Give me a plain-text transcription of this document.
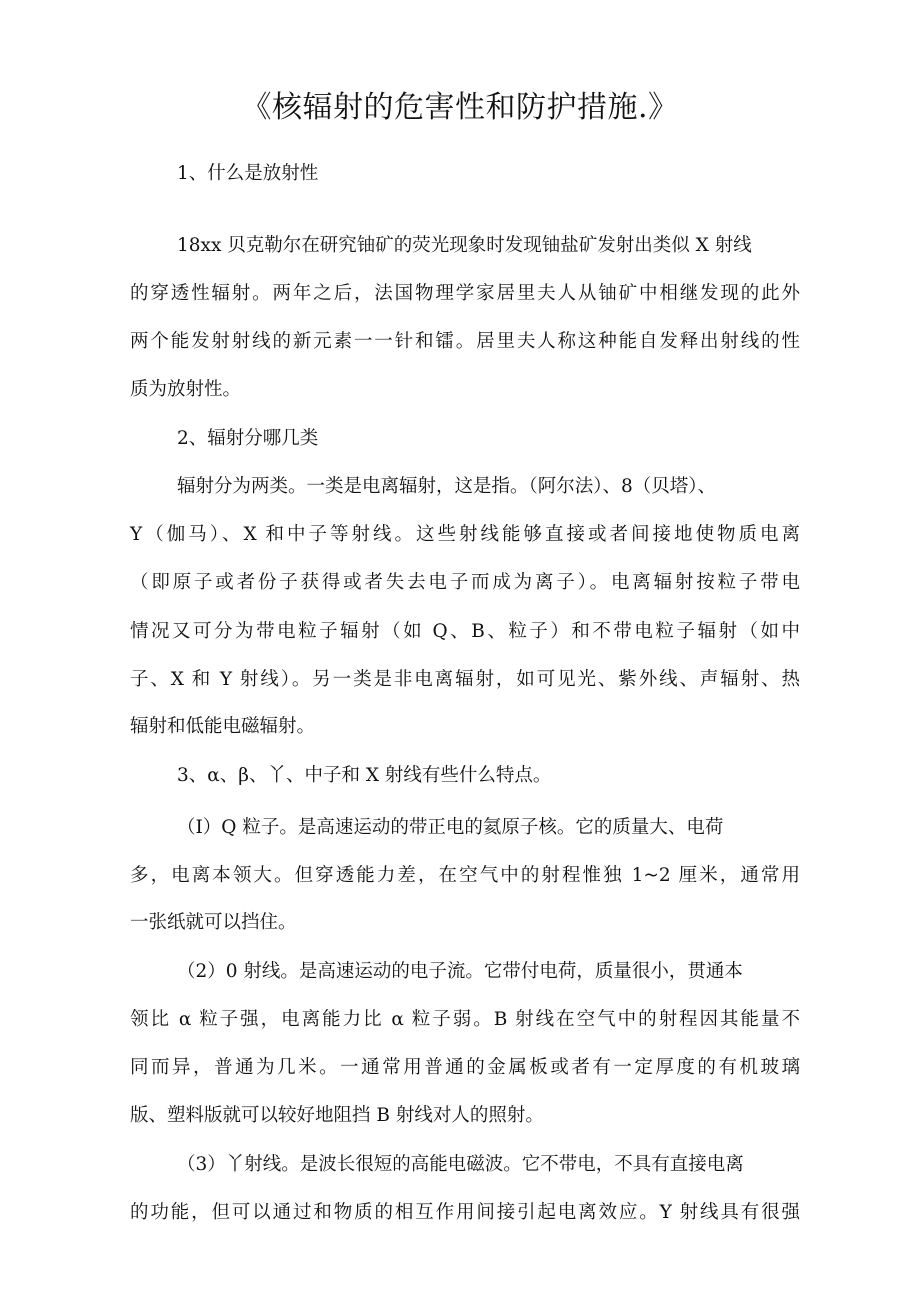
《核辐射的危害性和防护措施.》
1、什么是放射性
18xx 贝克勒尔在研究铀矿的荧光现象时发现铀盐矿发射出类似 X 射线
的穿透性辐射。两年之后，法国物理学家居里夫人从铀矿中相继发现的此外
两个能发射射线的新元素一一针和镭。居里夫人称这种能自发释出射线的性
质为放射性。
2、辐射分哪几类
辐射分为两类。一类是电离辐射，这是指。（阿尔法）、8（贝塔）、
Y（伽马）、X 和中子等射线。这些射线能够直接或者间接地使物质电离
（即原子或者份子获得或者失去电子而成为离子）。电离辐射按粒子带电
情况又可分为带电粒子辐射（如 Q、B、粒子）和不带电粒子辐射（如中
子、X 和 Y 射线）。另一类是非电离辐射，如可见光、紫外线、声辐射、热
辐射和低能电磁辐射。
3、α、β、丫、中子和 X 射线有些什么特点。
（I）Q 粒子。是高速运动的带正电的氦原子核。它的质量大、电荷
多，电离本领大。但穿透能力差，在空气中的射程惟独 1~2 厘米，通常用
一张纸就可以挡住。
（2）0 射线。是高速运动的电子流。它带付电荷，质量很小，贯通本
领比 α 粒子强，电离能力比 α 粒子弱。B 射线在空气中的射程因其能量不
同而异，普通为几米。一通常用普通的金属板或者有一定厚度的有机玻璃
版、塑料版就可以较好地阻挡 B 射线对人的照射。
（3）丫射线。是波长很短的高能电磁波。它不带电，不具有直接电离
的功能，但可以通过和物质的相互作用间接引起电离效应。Y 射线具有很强
